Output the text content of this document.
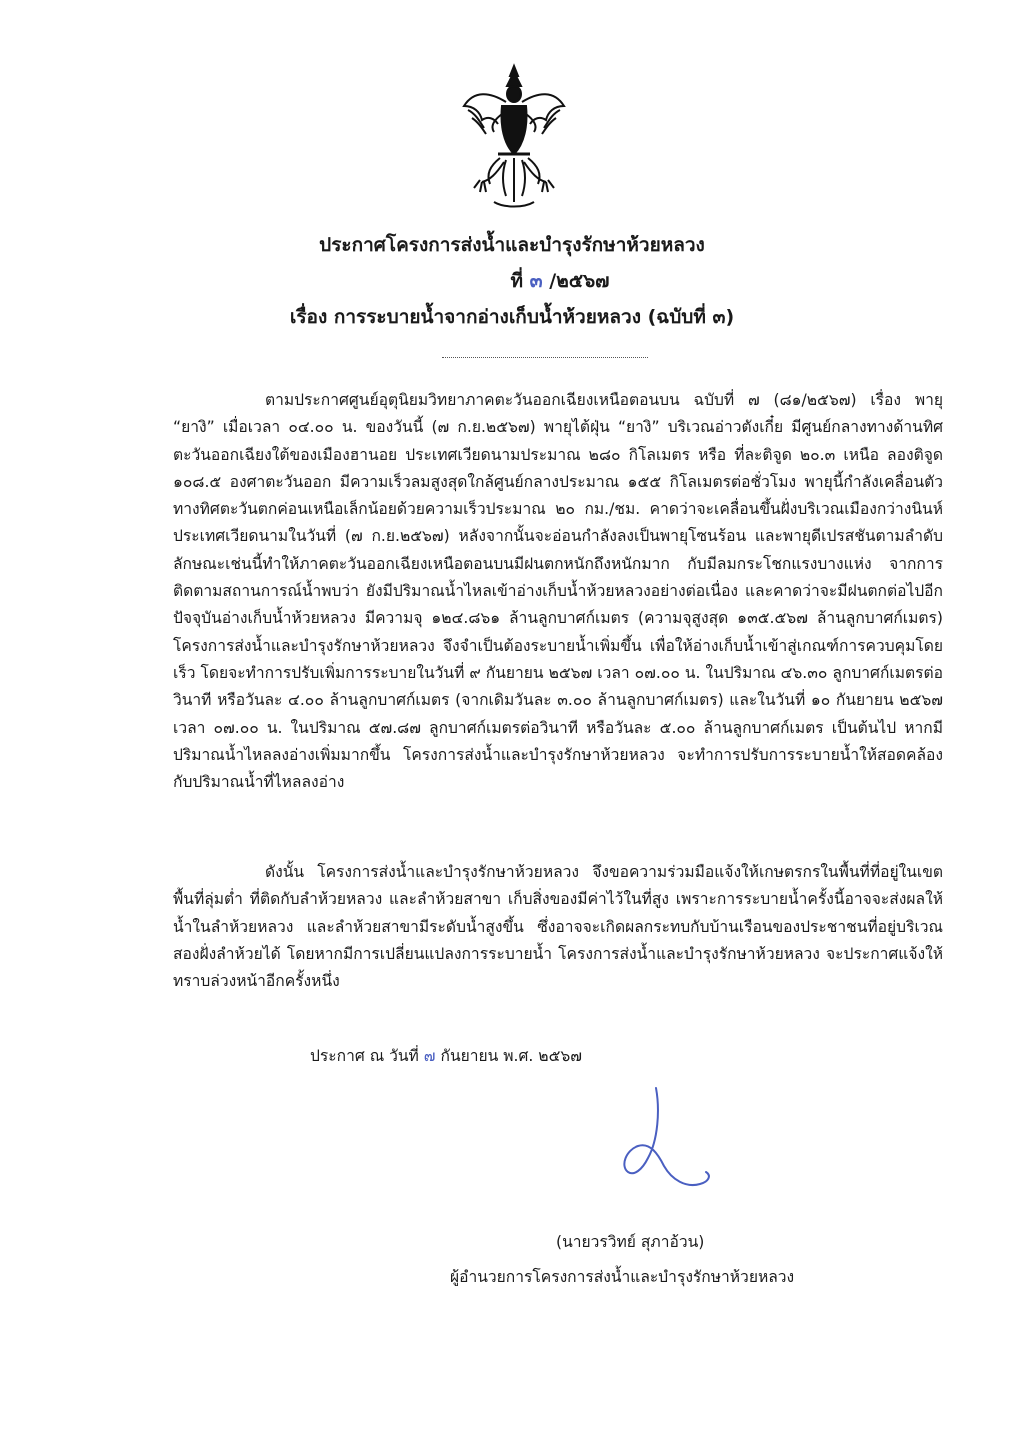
ประกาศโครงการส่งน้ำและบำรุงรักษาห้วยหลวง
ที่ ๓ /๒๕๖๗
เรื่อง การระบายน้ำจากอ่างเก็บน้ำห้วยหลวง (ฉบับที่ ๓)

ตามประกาศศูนย์อุตุนิยมวิทยาภาคตะวันออกเฉียงเหนือตอนบน ฉบับที่ ๗ (๘๑/๒๕๖๗) เรื่อง พายุ “ยางิ” เมื่อเวลา ๐๔.๐๐ น. ของวันนี้ (๗ ก.ย.๒๕๖๗) พายุไต้ฝุ่น “ยางิ” บริเวณอ่าวตังเกี๋ย มีศูนย์กลางทางด้านทิศตะวันออกเฉียงใต้ของเมืองฮานอย ประเทศเวียดนามประมาณ ๒๘๐ กิโลเมตร หรือ ที่ละติจูด ๒๐.๓ เหนือ ลองติจูด ๑๐๘.๕ องศาตะวันออก มีความเร็วลมสูงสุดใกล้ศูนย์กลางประมาณ ๑๕๕ กิโลเมตรต่อชั่วโมง พายุนี้กำลังเคลื่อนตัวทางทิศตะวันตกค่อนเหนือเล็กน้อยด้วยความเร็วประมาณ ๒๐ กม./ชม. คาดว่าจะเคลื่อนขึ้นฝั่งบริเวณเมืองกว่างนินห์ ประเทศเวียดนามในวันที่ (๗ ก.ย.๒๕๖๗) หลังจากนั้นจะอ่อนกำลังลงเป็นพายุโซนร้อน และพายุดีเปรสชันตามลำดับ ลักษณะเช่นนี้ทำให้ภาคตะวันออกเฉียงเหนือตอนบนมีฝนตกหนักถึงหนักมาก กับมีลมกระโชกแรงบางแห่ง จากการติดตามสถานการณ์น้ำพบว่า ยังมีปริมาณน้ำไหลเข้าอ่างเก็บน้ำห้วยหลวงอย่างต่อเนื่อง และคาดว่าจะมีฝนตกต่อไปอีก ปัจจุบันอ่างเก็บน้ำห้วยหลวง มีความจุ ๑๒๔.๘๖๑ ล้านลูกบาศก์เมตร (ความจุสูงสุด ๑๓๕.๕๖๗ ล้านลูกบาศก์เมตร) โครงการส่งน้ำและบำรุงรักษาห้วยหลวง จึงจำเป็นต้องระบายน้ำเพิ่มขึ้น เพื่อให้อ่างเก็บน้ำเข้าสู่เกณฑ์การควบคุมโดยเร็ว โดยจะทำการปรับเพิ่มการระบายในวันที่ ๙ กันยายน ๒๕๖๗ เวลา ๐๗.๐๐ น. ในปริมาณ ๔๖.๓๐ ลูกบาศก์เมตรต่อวินาที หรือวันละ ๔.๐๐ ล้านลูกบาศก์เมตร (จากเดิมวันละ ๓.๐๐ ล้านลูกบาศก์เมตร) และในวันที่ ๑๐ กันยายน ๒๕๖๗ เวลา ๐๗.๐๐ น. ในปริมาณ ๕๗.๘๗ ลูกบาศก์เมตรต่อวินาที หรือวันละ ๕.๐๐ ล้านลูกบาศก์เมตร เป็นต้นไป หากมีปริมาณน้ำไหลลงอ่างเพิ่มมากขึ้น โครงการส่งน้ำและบำรุงรักษาห้วยหลวง จะทำการปรับการระบายน้ำให้สอดคล้องกับปริมาณน้ำที่ไหลลงอ่าง

ดังนั้น โครงการส่งน้ำและบำรุงรักษาห้วยหลวง จึงขอความร่วมมือแจ้งให้เกษตรกรในพื้นที่ที่อยู่ในเขตพื้นที่ลุ่มต่ำ ที่ติดกับลำห้วยหลวง และลำห้วยสาขา เก็บสิ่งของมีค่าไว้ในที่สูง เพราะการระบายน้ำครั้งนี้อาจจะส่งผลให้น้ำในลำห้วยหลวง และลำห้วยสาขามีระดับน้ำสูงขึ้น ซึ่งอาจจะเกิดผลกระทบกับบ้านเรือนของประชาชนที่อยู่บริเวณสองฝั่งลำห้วยได้ โดยหากมีการเปลี่ยนแปลงการระบายน้ำ โครงการส่งน้ำและบำรุงรักษาห้วยหลวง จะประกาศแจ้งให้ทราบล่วงหน้าอีกครั้งหนึ่ง

ประกาศ ณ วันที่ ๗ กันยายน พ.ศ. ๒๕๖๗
(นายวรวิทย์ สุภาอ้วน)
ผู้อำนวยการโครงการส่งน้ำและบำรุงรักษาห้วยหลวง
